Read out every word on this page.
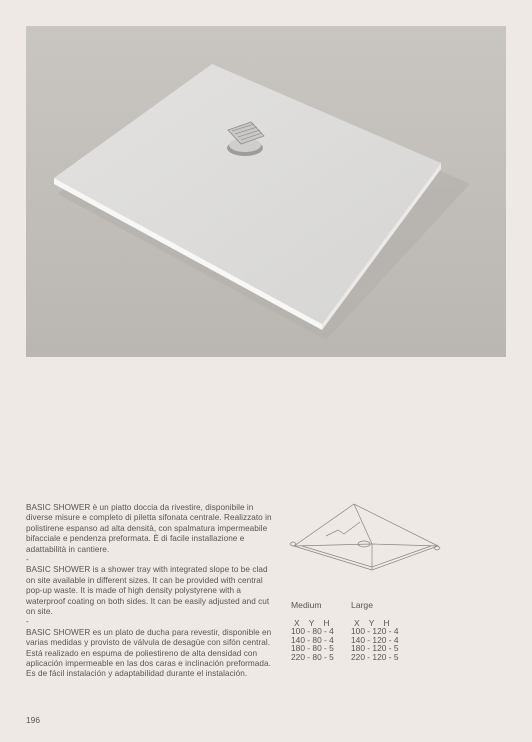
BASIC SHOWER è un piatto doccia da rivestire, disponibile in diverse misure e completo di piletta sifonata centrale. Realizzato in polistirene espanso ad alta densità, con spalmatura impermeabile bifacciale e pendenza preformata. È di facile installazione e adattabilità in cantiere.

-

BASIC SHOWER is a shower tray with integrated slope to be clad on site available in different sizes. It can be provided with central pop-up waste. It is made of high density polystyrene with a waterproof coating on both sides. It can be easily adjusted and cut on site.

-

BASIC SHOWER es un plato de ducha para revestir, disponible en varias medidas y provisto de válvula de desagüe con sifón central. Está realizado en espuma de poliestireno de alta densidad con aplicación impermeable en las dos caras e inclinación preformada. Es de fácil instalación y adaptabilidad durante el instalación.

Medium
X Y H
100 - 80 - 4
140 - 80 - 4
180 - 80 - 5
220 - 80 - 5
Large
X Y H
100 - 120 - 4
140 - 120 - 4
180 - 120 - 5
220 - 120 - 5
196
